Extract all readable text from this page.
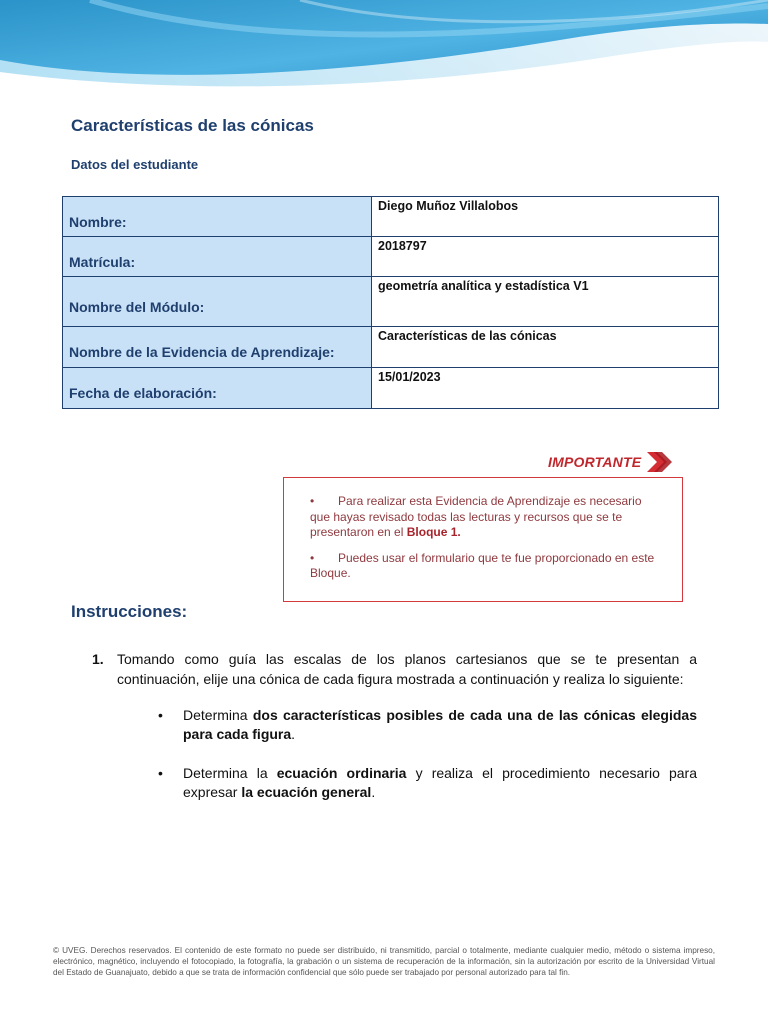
Características de las cónicas
Datos del estudiante
Nombre:	Diego Muñoz Villalobos
Matrícula:	2018797
Nombre del Módulo:	geometría analítica y estadística V1
Nombre de la Evidencia de Aprendizaje:	Características de las cónicas
Fecha de elaboración:	15/01/2023
IMPORTANTE

• Para realizar esta Evidencia de Aprendizaje es necesario que hayas revisado todas las lecturas y recursos que se te presentaron en el Bloque 1.

• Puedes usar el formulario que te fue proporcionado en este Bloque.

Instrucciones:
1. Tomando como guía las escalas de los planos cartesianos que se te presentan a continuación, elije una cónica de cada figura mostrada a continuación y realiza lo siguiente:
• Determina dos características posibles de cada una de las cónicas elegidas para cada figura.
• Determina la ecuación ordinaria y realiza el procedimiento necesario para expresar la ecuación general.
© UVEG. Derechos reservados. El contenido de este formato no puede ser distribuido, ni transmitido, parcial o totalmente, mediante cualquier medio, método o sistema impreso, electrónico, magnético, incluyendo el fotocopiado, la fotografía, la grabación o un sistema de recuperación de la información, sin la autorización por escrito de la Universidad Virtual del Estado de Guanajuato, debido a que se trata de información confidencial que sólo puede ser trabajado por personal autorizado para tal fin.
